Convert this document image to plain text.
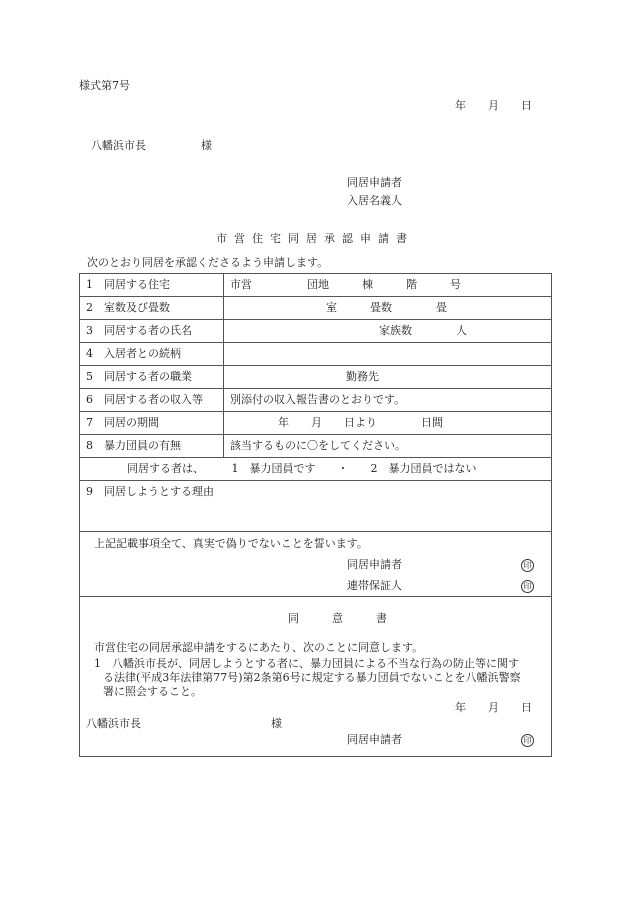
様式第7号
年　　月　　日
八幡浜市長　　　　　様
同居申請者
入居名義人
市営住宅同居承認申請書
次のとおり同居を承認くださるよう申請します。
1　同居する住宅	市営　　　　　団地　　　棟　　　階　　　号
2　室数及び畳数	室　　　畳数　　　　畳
3　同居する者の氏名	家族数　　　　人
4　入居者との続柄
5　同居する者の職業	勤務先
6　同居する者の収入等 別添付の収入報告書のとおりです。
7　同居の期間	年　　月　　日より　　　　日間
8　暴力団員の有無	該当するものに〇をしてください。
同居する者は、　　　1　暴力団員です　　・　　2　暴力団員ではない
9　同居しようとする理由
上記記載事項全て、真実で偽りでないことを誓います。
同居申請者	印
連帯保証人	印
同　　　意　　　書
市営住宅の同居承認申請をするにあたり、次のことに同意します。
1　八幡浜市長が、同居しようとする者に、暴力団員による不当な行為の防止等に関す
る法律(平成3年法律第77号)第2条第6号に規定する暴力団員でないことを八幡浜警察
署に照会すること。
年　　月　　日
八幡浜市長	様
同居申請者	印
